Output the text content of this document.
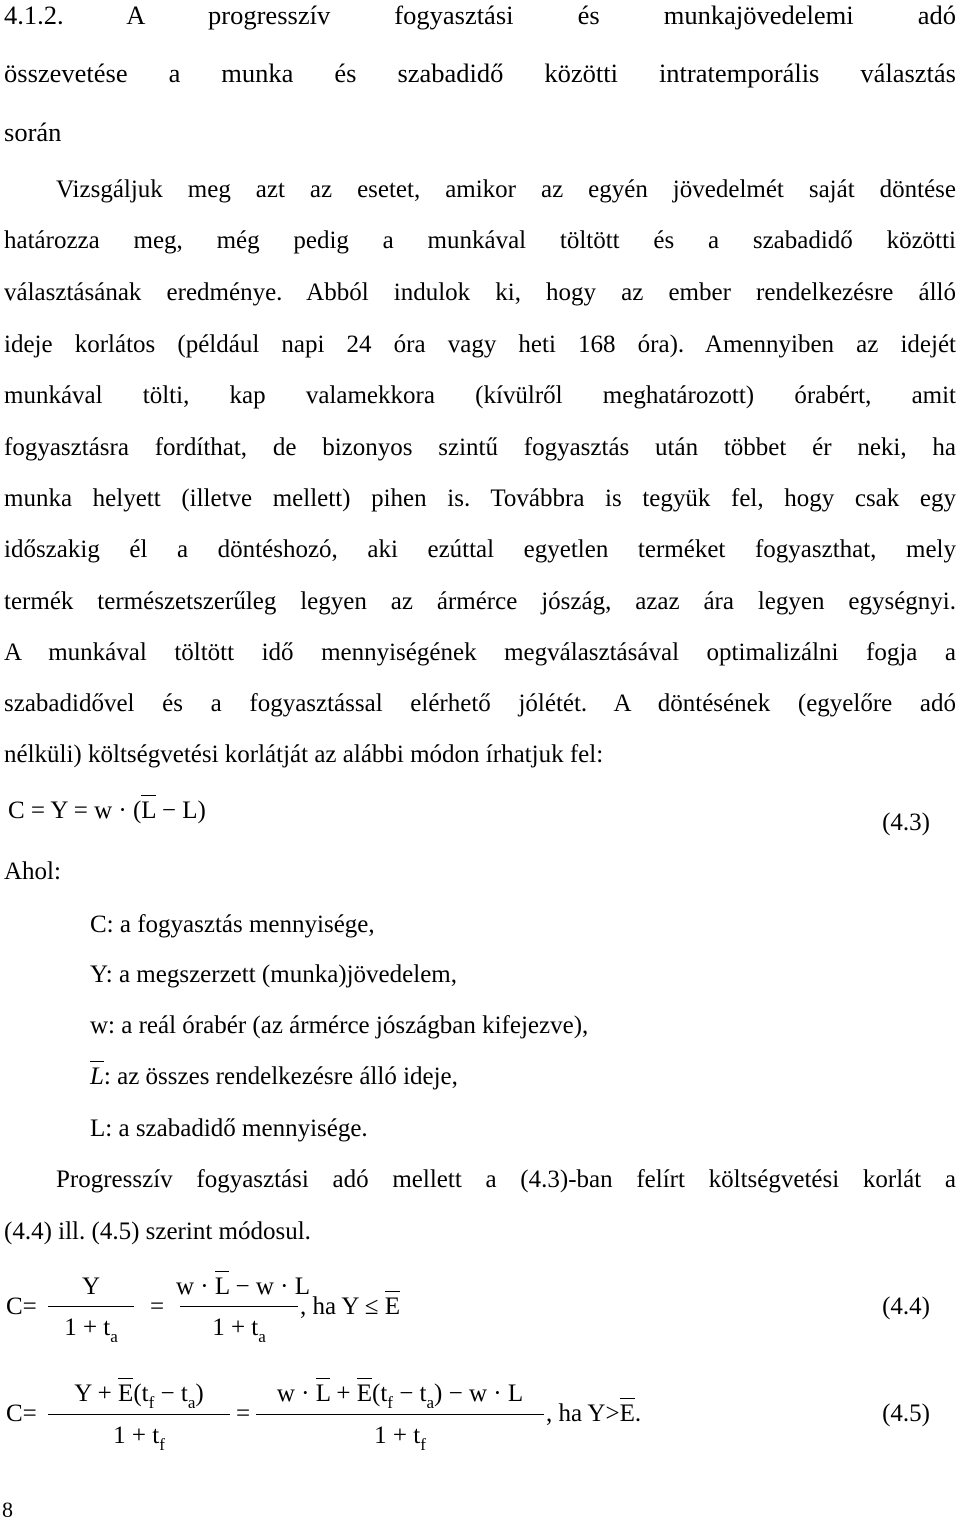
4.1.2. A progresszív fogyasztási és munkajövedelemi adó
összevetése a munka és szabadidő közötti intratemporális választás
során
Vizsgáljuk meg azt az esetet, amikor az egyén jövedelmét saját döntése
határozza meg, még pedig a munkával töltött és a szabadidő közötti
választásának eredménye. Abból indulok ki, hogy az ember rendelkezésre álló
ideje korlátos (például napi 24 óra vagy heti 168 óra). Amennyiben az idejét
munkával tölti, kap valamekkora (kívülről meghatározott) órabért, amit
fogyasztásra fordíthat, de bizonyos szintű fogyasztás után többet ér neki, ha
munka helyett (illetve mellett) pihen is. Továbbra is tegyük fel, hogy csak egy
időszakig él a döntéshozó, aki ezúttal egyetlen terméket fogyaszthat, mely
termék természetszerűleg legyen az ármérce jószág, azaz ára legyen egységnyi.
A munkával töltött idő mennyiségének megválasztásával optimalizálni fogja a
szabadidővel és a fogyasztással elérhető jólétét. A döntésének (egyelőre adó
nélküli) költségvetési korlátját az alábbi módon írhatjuk fel:
C = Y = w · (L − L)	(4.3)
Ahol:
C: a fogyasztás mennyisége,
Y: a megszerzett (munka)jövedelem,
w: a reál órabér (az ármérce jószágban kifejezve),
L: az összes rendelkezésre álló ideje,
L: a szabadidő mennyisége.
Progresszív fogyasztási adó mellett a (4.3)-ban felírt költségvetési korlát a
(4.4) ill. (4.5) szerint módosul.
C=
Y
$1 + t_a$
=
w · L − w · L
$1 + t_a$
, ha Y ≤ E	(4.4)
C=
$Y + E(t_f - t_a)$
$1 + t_f$
=
$w \cdot L + E(t_f - t_a) - w \cdot L$
$1 + t_f$
, ha Y>E.	(4.5)
8
